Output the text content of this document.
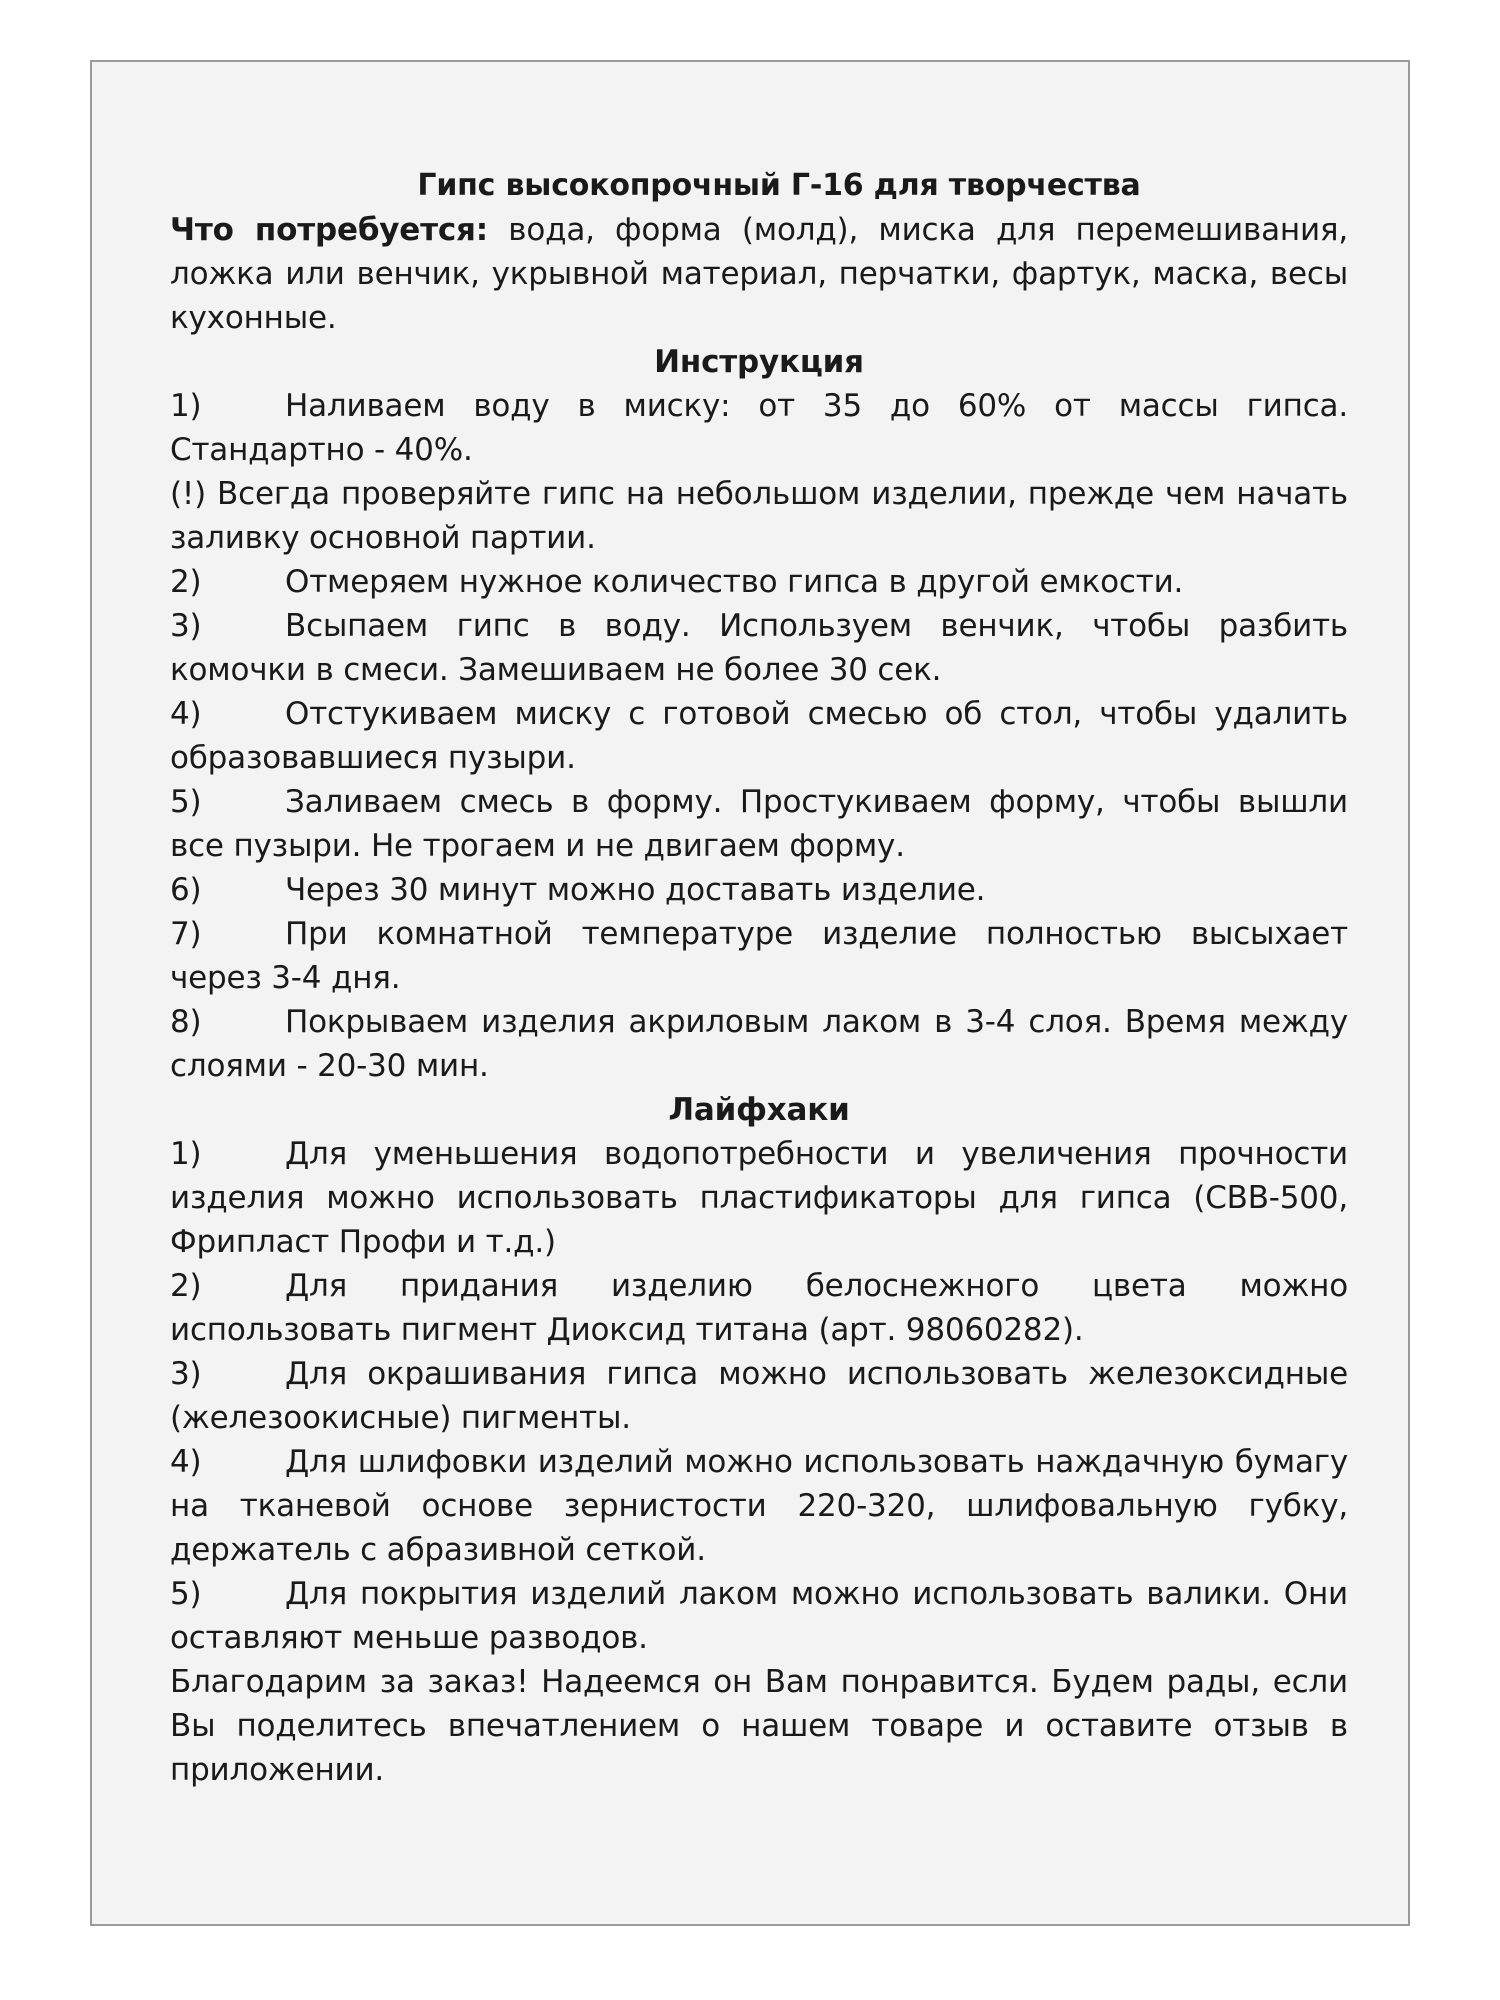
Гипс высокопрочный Г-16 для творчества

Что потребуется: вода, форма (молд), миска для перемешивания, ложка или венчик, укрывной материал, перчатки, фартук, маска, весы кухонные.

Инструкция

1)	Наливаем воду в миску: от 35 до 60% от массы гипса. Стандартно - 40%.

(!) Всегда проверяйте гипс на небольшом изделии, прежде чем начать заливку основной партии.

2)	Отмеряем нужное количество гипса в другой емкости.

3)	Всыпаем гипс в воду. Используем венчик, чтобы разбить комочки в смеси. Замешиваем не более 30 сек.

4)	Отстукиваем миску с готовой смесью об стол, чтобы удалить образовавшиеся пузыри.

5)	Заливаем смесь в форму. Простукиваем форму, чтобы вышли все пузыри. Не трогаем и не двигаем форму.

6)	Через 30 минут можно доставать изделие.

7)	При комнатной температуре изделие полностью высыхает через 3-4 дня.

8)	Покрываем изделия акриловым лаком в 3-4 слоя. Время между слоями - 20-30 мин.

Лайфхаки

1)	Для уменьшения водопотребности и увеличения прочности изделия можно использовать пластификаторы для гипса (СВВ-500, Фрипласт Профи и т.д.)

2)	Для придания изделию белоснежного цвета можно использовать пигмент Диоксид титана (арт. 98060282).

3)	Для окрашивания гипса можно использовать железоксидные (железоокисные) пигменты.

4)	Для шлифовки изделий можно использовать наждачную бумагу на тканевой основе зернистости 220-320, шлифовальную губку, держатель с абразивной сеткой.

5)	Для покрытия изделий лаком можно использовать валики. Они оставляют меньше разводов.

Благодарим за заказ! Надеемся он Вам понравится. Будем рады, если Вы поделитесь впечатлением о нашем товаре и оставите отзыв в приложении.
